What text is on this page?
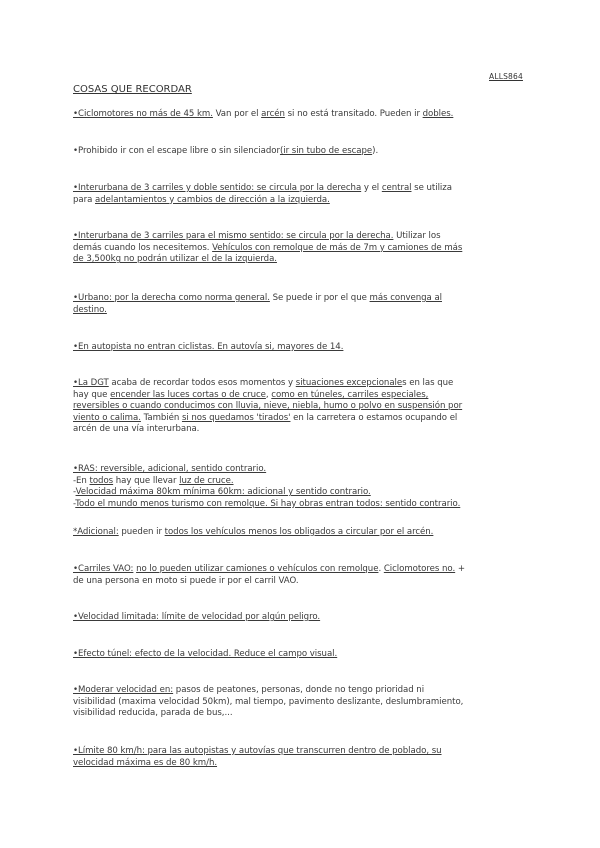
ALLS864
COSAS QUE RECORDAR

•Ciclomotores no más de 45 km. Van por el arcén si no está transitado. Pueden ir dobles.

•Prohibido ir con el escape libre o sin silenciador(ir sin tubo de escape).

•Interurbana de 3 carriles y doble sentido: se circula por la derecha y el central se utiliza

para adelantamientos y cambios de dirección a la izquierda.

•Interurbana de 3 carriles para el mismo sentido: se circula por la derecha. Utilizar los

demás cuando los necesitemos. Vehículos con remolque de más de 7m y camiones de más

de 3,500kg no podrán utilizar el de la izquierda.

•Urbano: por la derecha como norma general. Se puede ir por el que más convenga al

destino.

•En autopista no entran ciclistas. En autovía si, mayores de 14.

•La DGT acaba de recordar todos esos momentos y situaciones excepcionales en las que

hay que encender las luces cortas o de cruce, como en túneles, carriles especiales,

reversibles o cuando conducimos con lluvia, nieve, niebla, humo o polvo en suspensión por

viento o calima. También si nos quedamos 'tirados' en la carretera o estamos ocupando el

arcén de una vía interurbana.

•RAS: reversible, adicional, sentido contrario.

-En todos hay que llevar luz de cruce.

-Velocidad máxima 80km mínima 60km: adicional y sentido contrario.

-Todo el mundo menos turismo con remolque. Si hay obras entran todos: sentido contrario.

*Adicional: pueden ir todos los vehículos menos los obligados a circular por el arcén.

•Carriles VAO: no lo pueden utilizar camiones o vehículos con remolque. Ciclomotores no. +

de una persona en moto si puede ir por el carril VAO.

•Velocidad limitada: límite de velocidad por algún peligro.

•Efecto túnel: efecto de la velocidad. Reduce el campo visual.

•Moderar velocidad en: pasos de peatones, personas, donde no tengo prioridad ni

visibilidad (maxima velocidad 50km), mal tiempo, pavimento deslizante, deslumbramiento,

visibilidad reducida, parada de bus,...

•Límite 80 km/h: para las autopistas y autovías que transcurren dentro de poblado, su

velocidad máxima es de 80 km/h.
